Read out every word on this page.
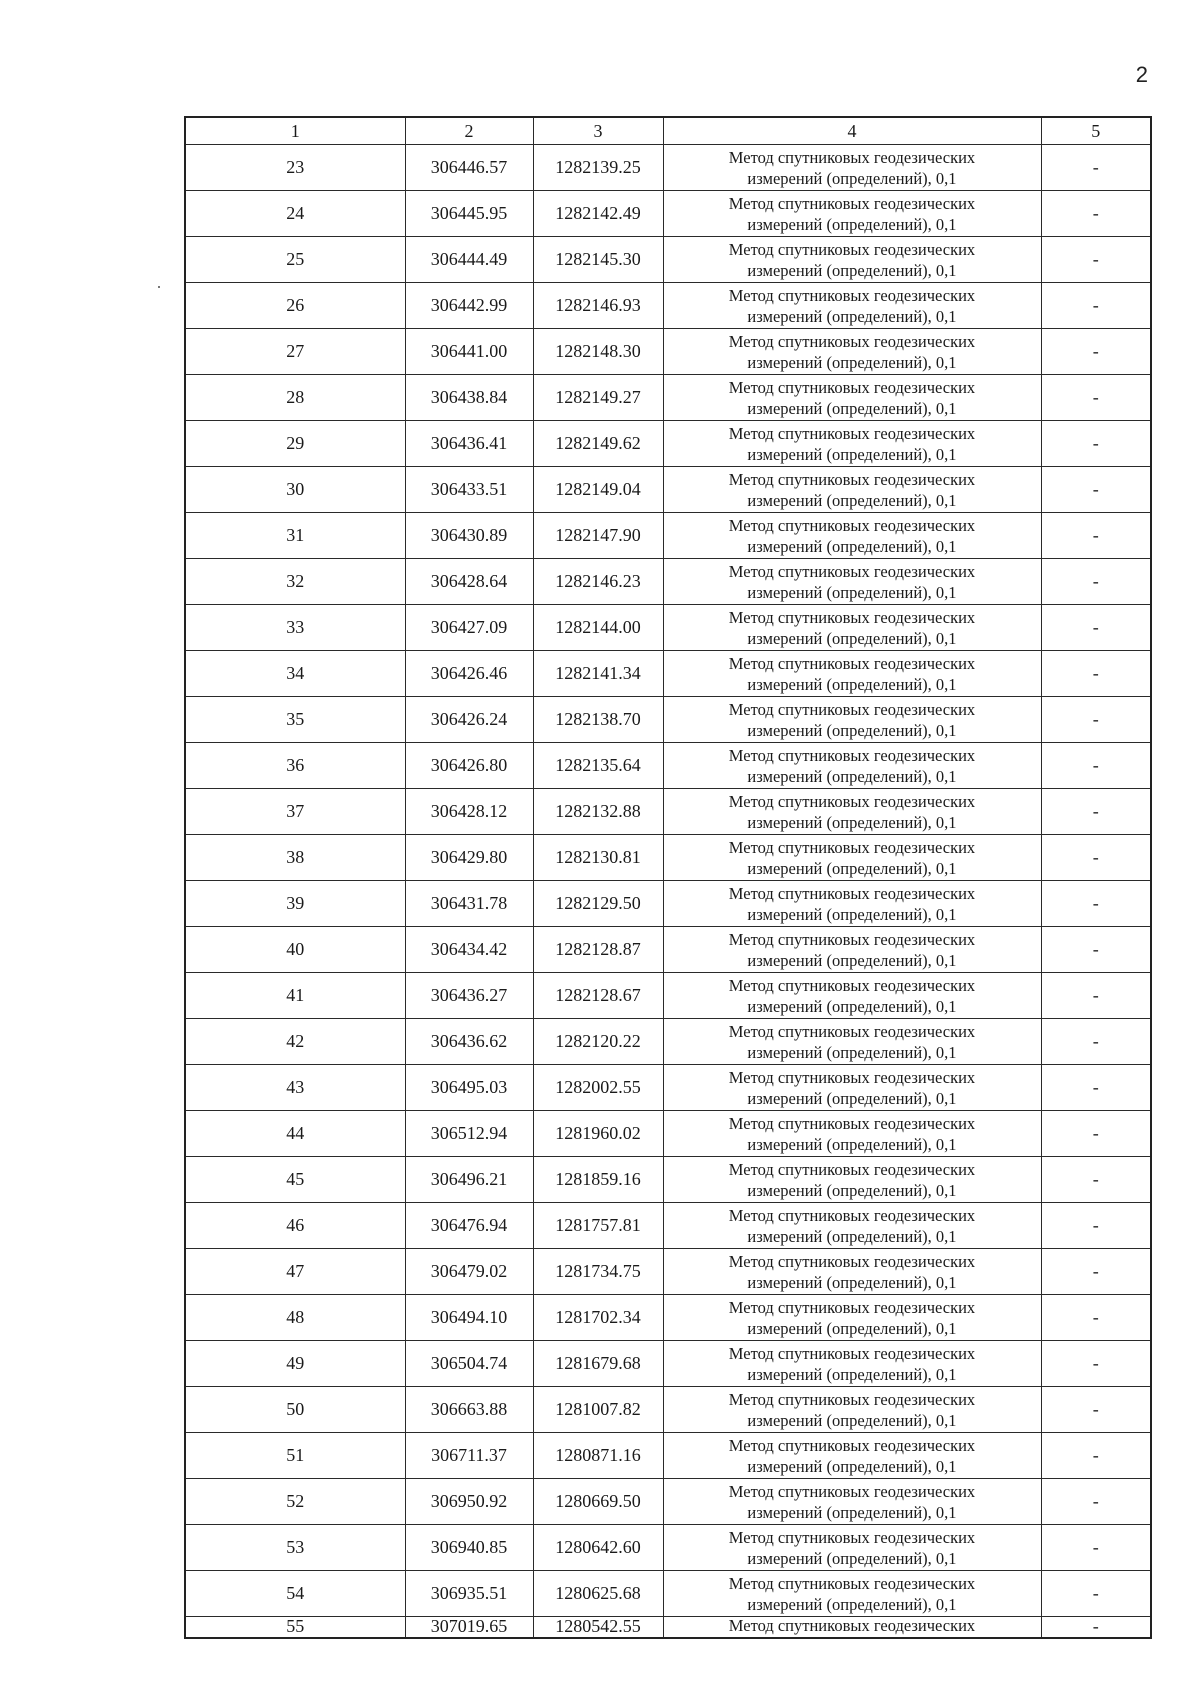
2
1	2	3	4	5
23	306446.57	1282139.25	Метод спутниковых геодезических
измерений (определений), 0,1	-
24	306445.95	1282142.49	Метод спутниковых геодезических
измерений (определений), 0,1	-
25	306444.49	1282145.30	Метод спутниковых геодезических
измерений (определений), 0,1	-
26	306442.99	1282146.93	Метод спутниковых геодезических
измерений (определений), 0,1	-
27	306441.00	1282148.30	Метод спутниковых геодезических
измерений (определений), 0,1	-
28	306438.84	1282149.27	Метод спутниковых геодезических
измерений (определений), 0,1	-
29	306436.41	1282149.62	Метод спутниковых геодезических
измерений (определений), 0,1	-
30	306433.51	1282149.04	Метод спутниковых геодезических
измерений (определений), 0,1	-
31	306430.89	1282147.90	Метод спутниковых геодезических
измерений (определений), 0,1	-
32	306428.64	1282146.23	Метод спутниковых геодезических
измерений (определений), 0,1	-
33	306427.09	1282144.00	Метод спутниковых геодезических
измерений (определений), 0,1	-
34	306426.46	1282141.34	Метод спутниковых геодезических
измерений (определений), 0,1	-
35	306426.24	1282138.70	Метод спутниковых геодезических
измерений (определений), 0,1	-
36	306426.80	1282135.64	Метод спутниковых геодезических
измерений (определений), 0,1	-
37	306428.12	1282132.88	Метод спутниковых геодезических
измерений (определений), 0,1	-
38	306429.80	1282130.81	Метод спутниковых геодезических
измерений (определений), 0,1	-
39	306431.78	1282129.50	Метод спутниковых геодезических
измерений (определений), 0,1	-
40	306434.42	1282128.87	Метод спутниковых геодезических
измерений (определений), 0,1	-
41	306436.27	1282128.67	Метод спутниковых геодезических
измерений (определений), 0,1	-
42	306436.62	1282120.22	Метод спутниковых геодезических
измерений (определений), 0,1	-
43	306495.03	1282002.55	Метод спутниковых геодезических
измерений (определений), 0,1	-
44	306512.94	1281960.02	Метод спутниковых геодезических
измерений (определений), 0,1	-
45	306496.21	1281859.16	Метод спутниковых геодезических
измерений (определений), 0,1	-
46	306476.94	1281757.81	Метод спутниковых геодезических
измерений (определений), 0,1	-
47	306479.02	1281734.75	Метод спутниковых геодезических
измерений (определений), 0,1	-
48	306494.10	1281702.34	Метод спутниковых геодезических
измерений (определений), 0,1	-
49	306504.74	1281679.68	Метод спутниковых геодезических
измерений (определений), 0,1	-
50	306663.88	1281007.82	Метод спутниковых геодезических
измерений (определений), 0,1	-
51	306711.37	1280871.16	Метод спутниковых геодезических
измерений (определений), 0,1	-
52	306950.92	1280669.50	Метод спутниковых геодезических
измерений (определений), 0,1	-
53	306940.85	1280642.60	Метод спутниковых геодезических
измерений (определений), 0,1	-
54	306935.51	1280625.68	Метод спутниковых геодезических
измерений (определений), 0,1	-
55	307019.65	1280542.55	Метод спутниковых геодезических	-
